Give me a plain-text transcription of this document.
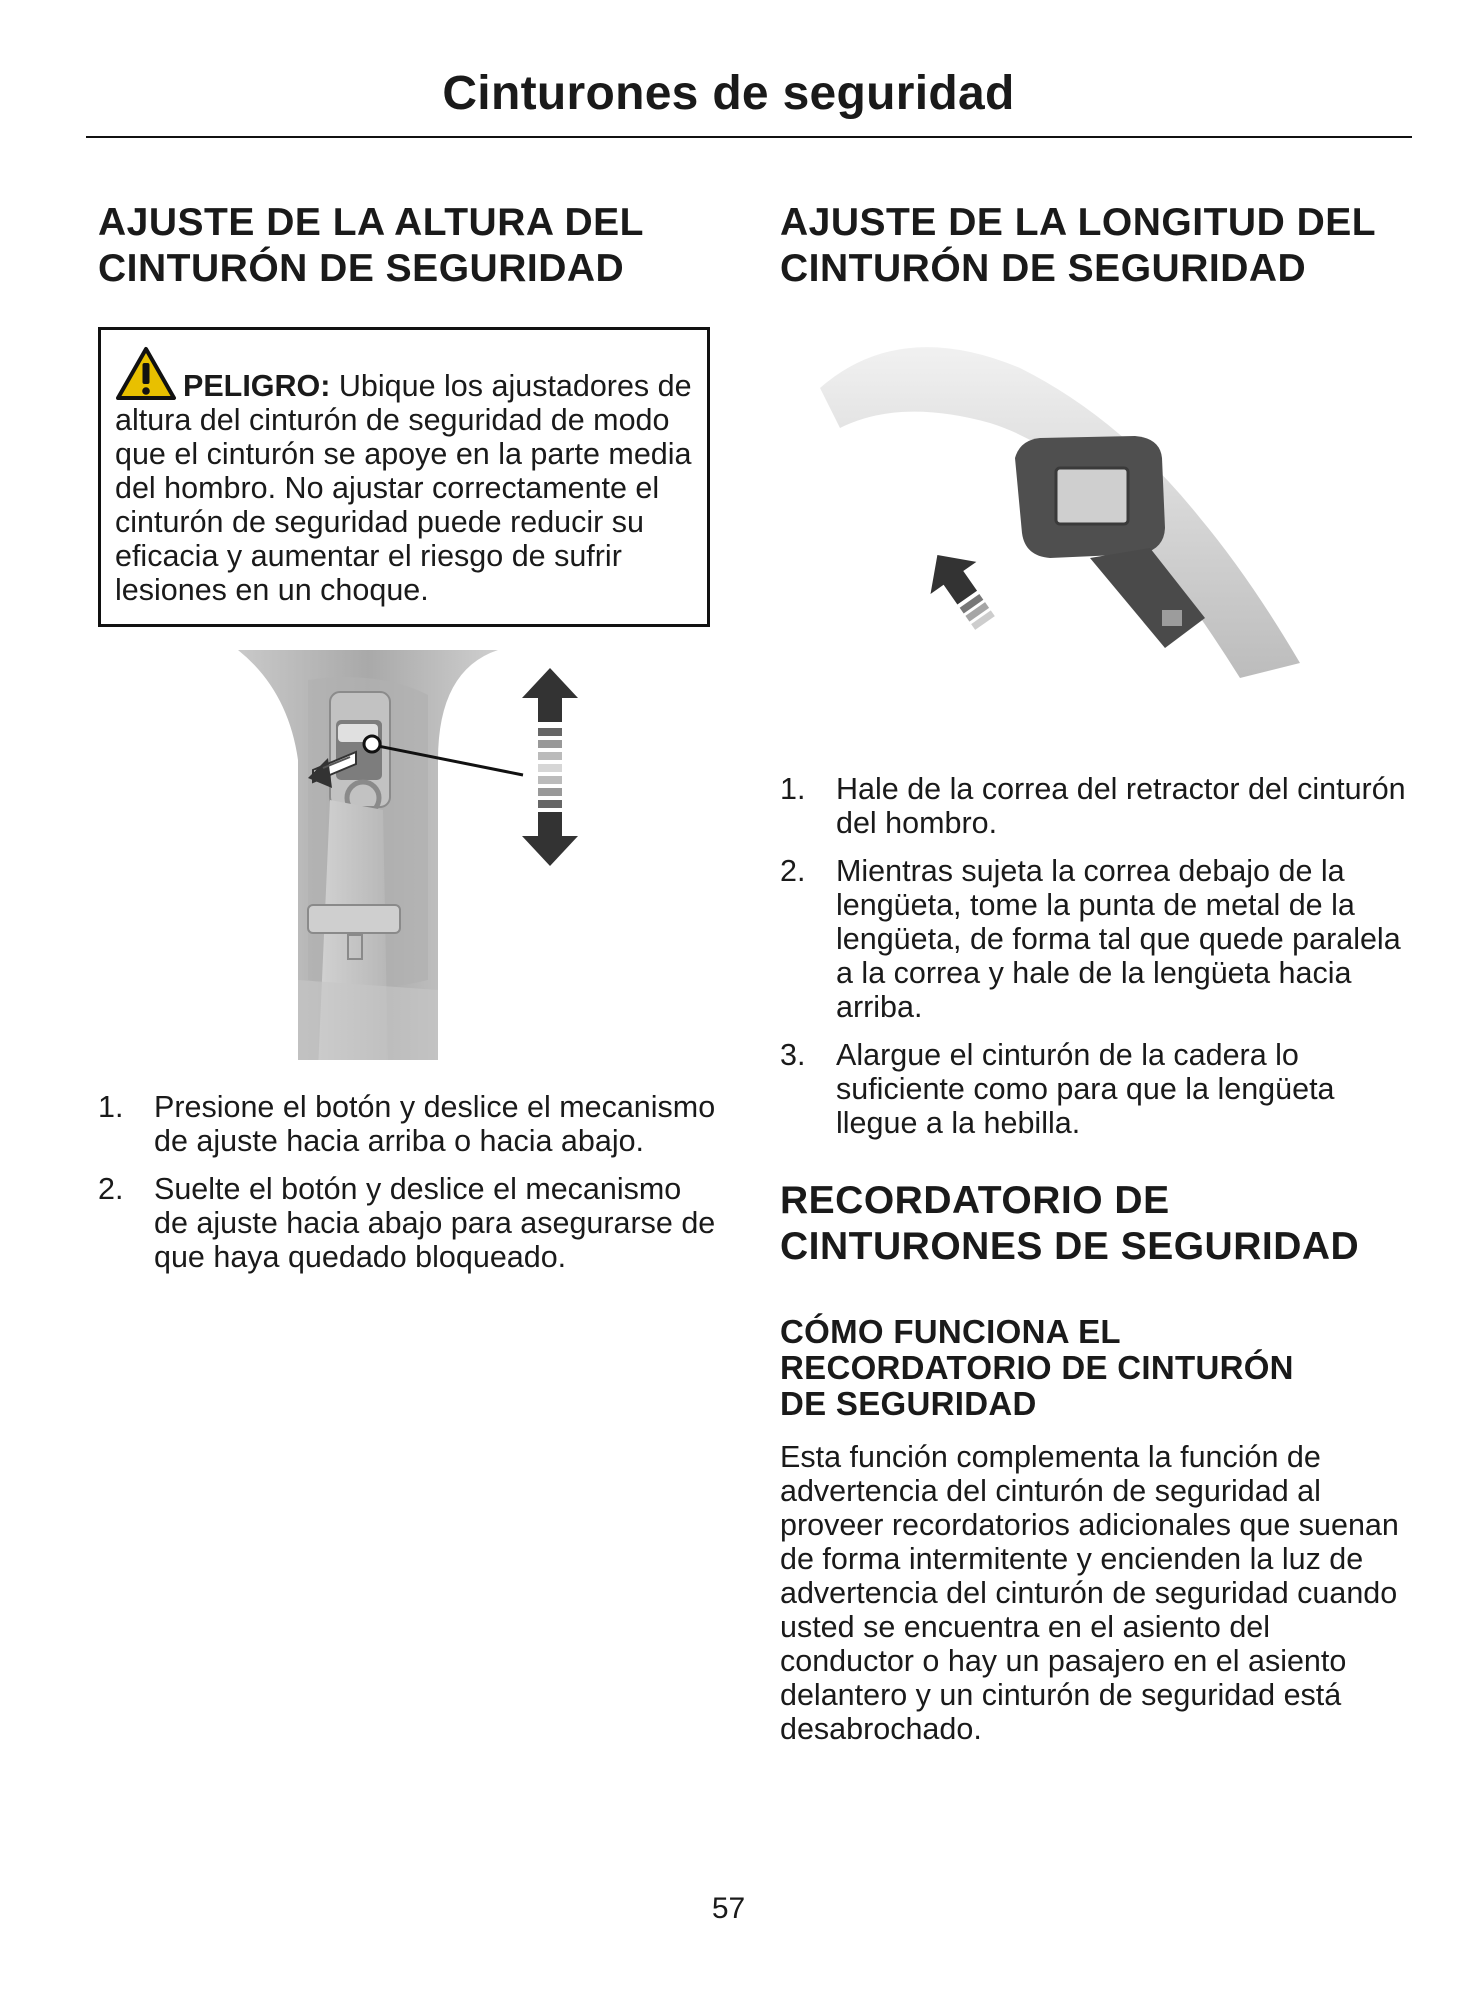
Cinturones de seguridad
AJUSTE DE LA ALTURA DEL
CINTURÓN DE SEGURIDAD
PELIGRO: Ubique los ajustadores de altura del cinturón de seguridad de modo que el cinturón se apoye en la parte media del hombro. No ajustar correctamente el cinturón de seguridad puede reducir su eficacia y aumentar el riesgo de sufrir lesiones en un choque.
1. Presione el botón y deslice el mecanismo de ajuste hacia arriba o hacia abajo.
2. Suelte el botón y deslice el mecanismo de ajuste hacia abajo para asegurarse de que haya quedado bloqueado.
AJUSTE DE LA LONGITUD DEL
CINTURÓN DE SEGURIDAD
1. Hale de la correa del retractor del cinturón del hombro.
2. Mientras sujeta la correa debajo de la lengüeta, tome la punta de metal de la lengüeta, de forma tal que quede paralela a la correa y hale de la lengüeta hacia arriba.
3. Alargue el cinturón de la cadera lo suficiente como para que la lengüeta llegue a la hebilla.
RECORDATORIO DE
CINTURONES DE SEGURIDAD
CÓMO FUNCIONA EL
RECORDATORIO DE CINTURÓN
DE SEGURIDAD

Esta función complementa la función de advertencia del cinturón de seguridad al proveer recordatorios adicionales que suenan de forma intermitente y encienden la luz de advertencia del cinturón de seguridad cuando usted se encuentra en el asiento del conductor o hay un pasajero en el asiento delantero y un cinturón de seguridad está desabrochado.

57
